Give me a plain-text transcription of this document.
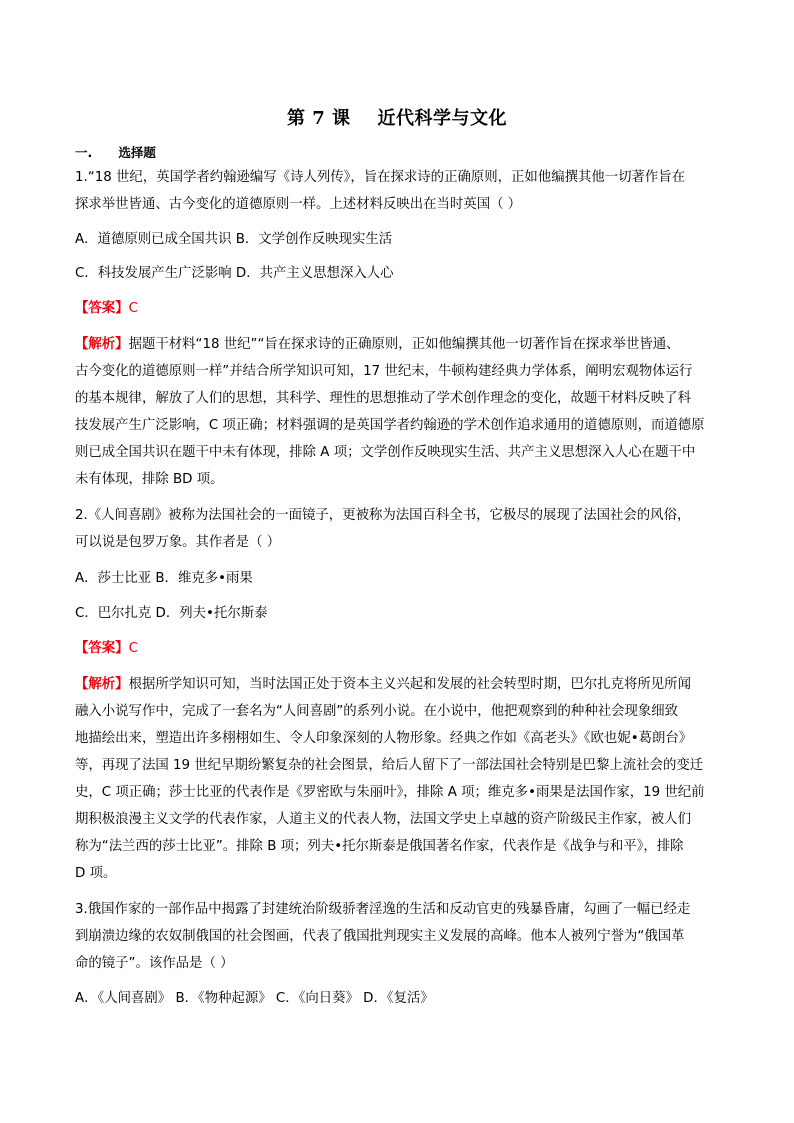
第 7 课    近代科学与文化
一.      选择题
1.“18 世纪，英国学者约翰逊编写《诗人列传》，旨在探求诗的正确原则，正如他编撰其他一切著作旨在
探求举世皆通、古今变化的道德原则一样。上述材料反映出在当时英国（ ）
A．道德原则已成全国共识 B．文学创作反映现实生活
C．科技发展产生广泛影响 D．共产主义思想深入人心
【答案】C
【解析】据题干材料“18 世纪”“旨在探求诗的正确原则，正如他编撰其他一切著作旨在探求举世皆通、
古今变化的道德原则一样”并结合所学知识可知，17 世纪末，牛顿构建经典力学体系，阐明宏观物体运行
的基本规律，解放了人们的思想，其科学、理性的思想推动了学术创作理念的变化，故题干材料反映了科
技发展产生广泛影响，C 项正确；材料强调的是英国学者约翰逊的学术创作追求通用的道德原则，而道德原
则已成全国共识在题干中未有体现，排除 A 项；文学创作反映现实生活、共产主义思想深入人心在题干中
未有体现，排除 BD 项。
2.《人间喜剧》被称为法国社会的一面镜子，更被称为法国百科全书，它极尽的展现了法国社会的风俗，
可以说是包罗万象。其作者是（ ）
A．莎士比亚 B．维克多•雨果
C．巴尔扎克 D．列夫•托尔斯泰
【答案】C
【解析】根据所学知识可知，当时法国正处于资本主义兴起和发展的社会转型时期，巴尔扎克将所见所闻
融入小说写作中，完成了一套名为“人间喜剧”的系列小说。在小说中，他把观察到的种种社会现象细致
地描绘出来，塑造出许多栩栩如生、令人印象深刻的人物形象。经典之作如《高老头》《欧也妮•葛朗台》
等，再现了法国 19 世纪早期纷繁复杂的社会图景，给后人留下了一部法国社会特别是巴黎上流社会的变迁
史，C 项正确；莎士比亚的代表作是《罗密欧与朱丽叶》，排除 A 项；维克多•雨果是法国作家，19 世纪前
期积极浪漫主义文学的代表作家，人道主义的代表人物，法国文学史上卓越的资产阶级民主作家，被人们
称为“法兰西的莎士比亚”。排除 B 项；列夫•托尔斯泰是俄国著名作家，代表作是《战争与和平》，排除
D 项。
3.俄国作家的一部作品中揭露了封建统治阶级骄奢淫逸的生活和反动官吏的残暴昏庸，勾画了一幅已经走
到崩溃边缘的农奴制俄国的社会图画，代表了俄国批判现实主义发展的高峰。他本人被列宁誉为“俄国革
命的镜子”。该作品是（ ）
A．《人间喜剧》 B．《物种起源》 C．《向日葵》 D．《复活》
